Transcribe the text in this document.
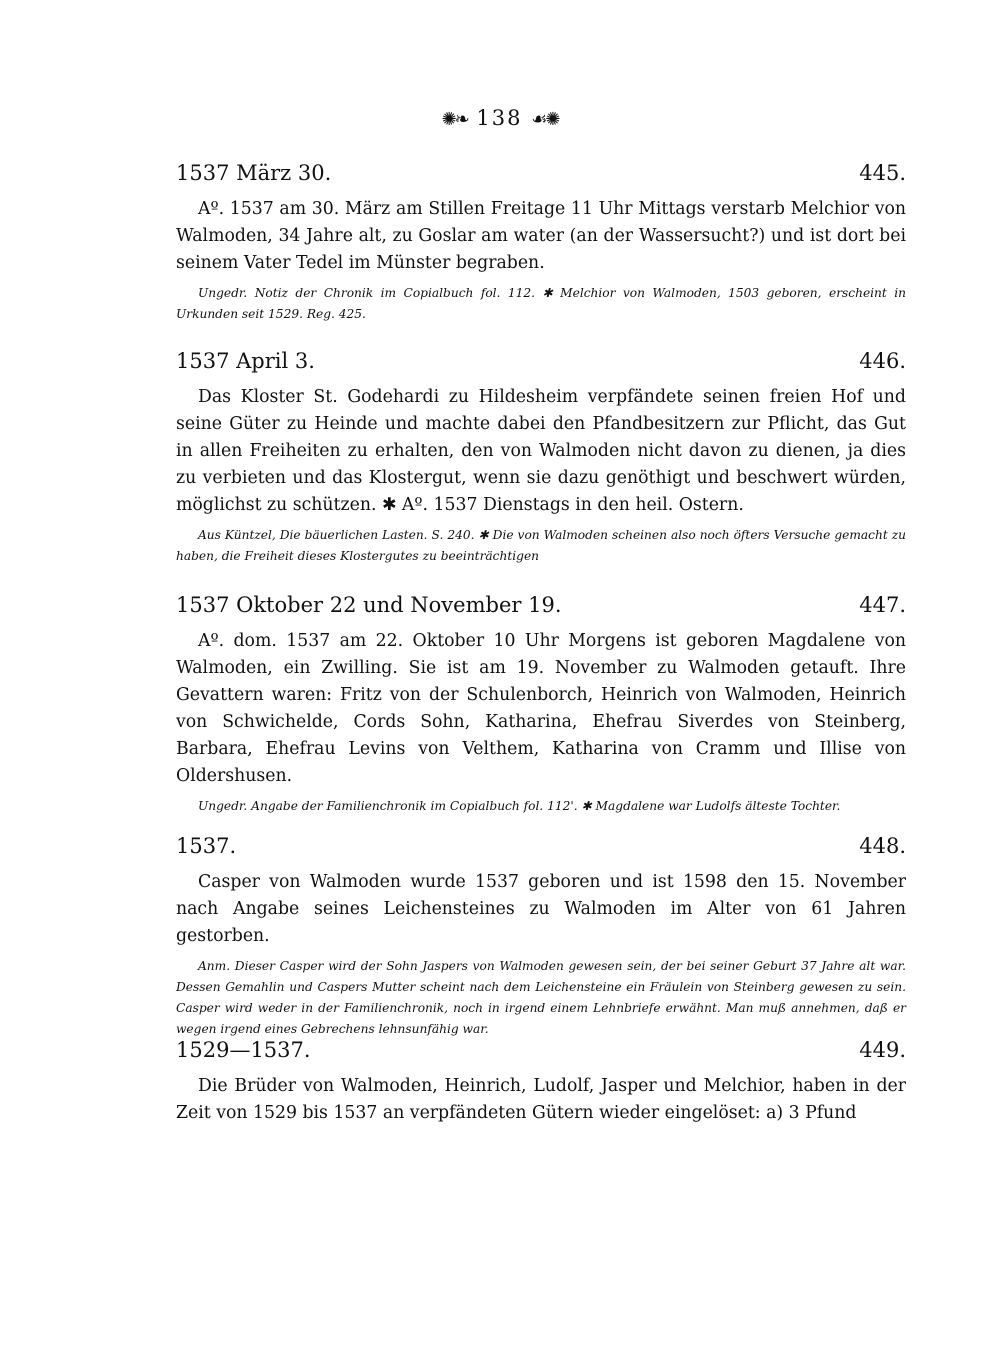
✺❧ 138 ☙✺
1537 März 30.	445.

Aº. 1537 am 30. März am Stillen Freitage 11 Uhr Mittags verstarb Melchior von Walmoden, 34 Jahre alt, zu Goslar am water (an der Wassersucht?) und ist dort bei seinem Vater Tedel im Münster begraben.

Ungedr. Notiz der Chronik im Copialbuch fol. 112. ✱ Melchior von Walmoden, 1503 geboren, erscheint in Urkunden seit 1529. Reg. 425.

1537 April 3.	446.

Das Kloster St. Godehardi zu Hildesheim verpfändete seinen freien Hof und seine Güter zu Heinde und machte dabei den Pfandbesitzern zur Pflicht, das Gut in allen Freiheiten zu erhalten, den von Walmoden nicht davon zu dienen, ja dies zu verbieten und das Klostergut, wenn sie dazu genöthigt und beschwert würden, möglichst zu schützen. ✱ Aº. 1537 Dienstags in den heil. Ostern.

Aus Küntzel, Die bäuerlichen Lasten. S. 240. ✱ Die von Walmoden scheinen also noch öfters Versuche gemacht zu haben, die Freiheit dieses Klostergutes zu beeinträchtigen

1537 Oktober 22 und November 19.	447.

Aº. dom. 1537 am 22. Oktober 10 Uhr Morgens ist geboren Magdalene von Walmoden, ein Zwilling. Sie ist am 19. November zu Walmoden getauft. Ihre Gevattern waren: Fritz von der Schulenborch, Heinrich von Walmoden, Heinrich von Schwichelde, Cords Sohn, Katharina, Ehefrau Siverdes von Steinberg, Barbara, Ehefrau Levins von Velthem, Katharina von Cramm und Illise von Oldershusen.

Ungedr. Angabe der Familienchronik im Copialbuch fol. 112'. ✱ Magdalene war Ludolfs älteste Tochter.

1537.	448.

Casper von Walmoden wurde 1537 geboren und ist 1598 den 15. November nach Angabe seines Leichensteines zu Walmoden im Alter von 61 Jahren gestorben.

Anm. Dieser Casper wird der Sohn Jaspers von Walmoden gewesen sein, der bei seiner Geburt 37 Jahre alt war. Dessen Gemahlin und Caspers Mutter scheint nach dem Leichensteine ein Fräulein von Steinberg gewesen zu sein. Casper wird weder in der Familienchronik, noch in irgend einem Lehnbriefe erwähnt. Man muß annehmen, daß er wegen irgend eines Gebrechens lehnsunfähig war.

1529—1537.	449.

Die Brüder von Walmoden, Heinrich, Ludolf, Jasper und Melchior, haben in der Zeit von 1529 bis 1537 an verpfändeten Gütern wieder eingelöset: a) 3 Pfund
